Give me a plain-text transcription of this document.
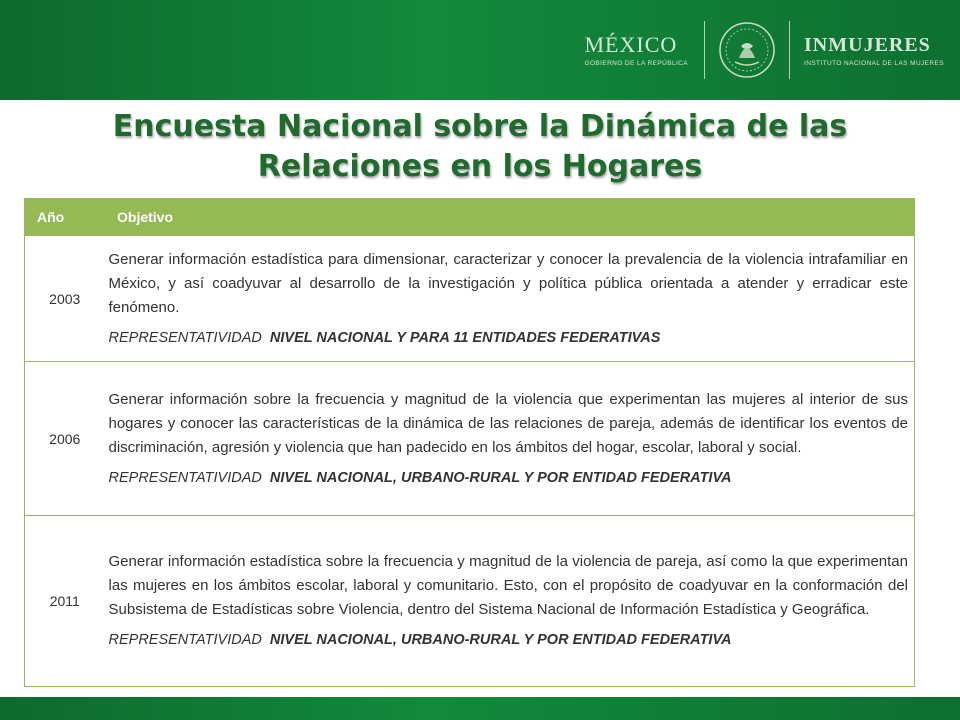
MÉXICO
GOBIERNO DE LA REPÚBLICA
INMUJERES
INSTITUTO NACIONAL DE LAS MUJERES
Encuesta Nacional sobre la Dinámica de las
Relaciones en los Hogares
Año	Objetivo
2003	Generar información estadística para dimensionar, caracterizar y conocer la prevalencia de la violencia intrafamiliar en México, y así coadyuvar al desarrollo de la investigación y política pública orientada a atender y erradicar este fenómeno.

REPRESENTATIVIDAD NIVEL NACIONAL Y PARA 11 ENTIDADES FEDERATIVAS

2006	Generar información sobre la frecuencia y magnitud de la violencia que experimentan las mujeres al interior de sus hogares y conocer las características de la dinámica de las relaciones de pareja, además de identificar los eventos de discriminación, agresión y violencia que han padecido en los ámbitos del hogar, escolar, laboral y social.

REPRESENTATIVIDAD NIVEL NACIONAL, URBANO-RURAL Y POR ENTIDAD FEDERATIVA

2011	Generar información estadística sobre la frecuencia y magnitud de la violencia de pareja, así como la que experimentan las mujeres en los ámbitos escolar, laboral y comunitario. Esto, con el propósito de coadyuvar en la conformación del Subsistema de Estadísticas sobre Violencia, dentro del Sistema Nacional de Información Estadística y Geográfica.

REPRESENTATIVIDAD NIVEL NACIONAL, URBANO-RURAL Y POR ENTIDAD FEDERATIVA
